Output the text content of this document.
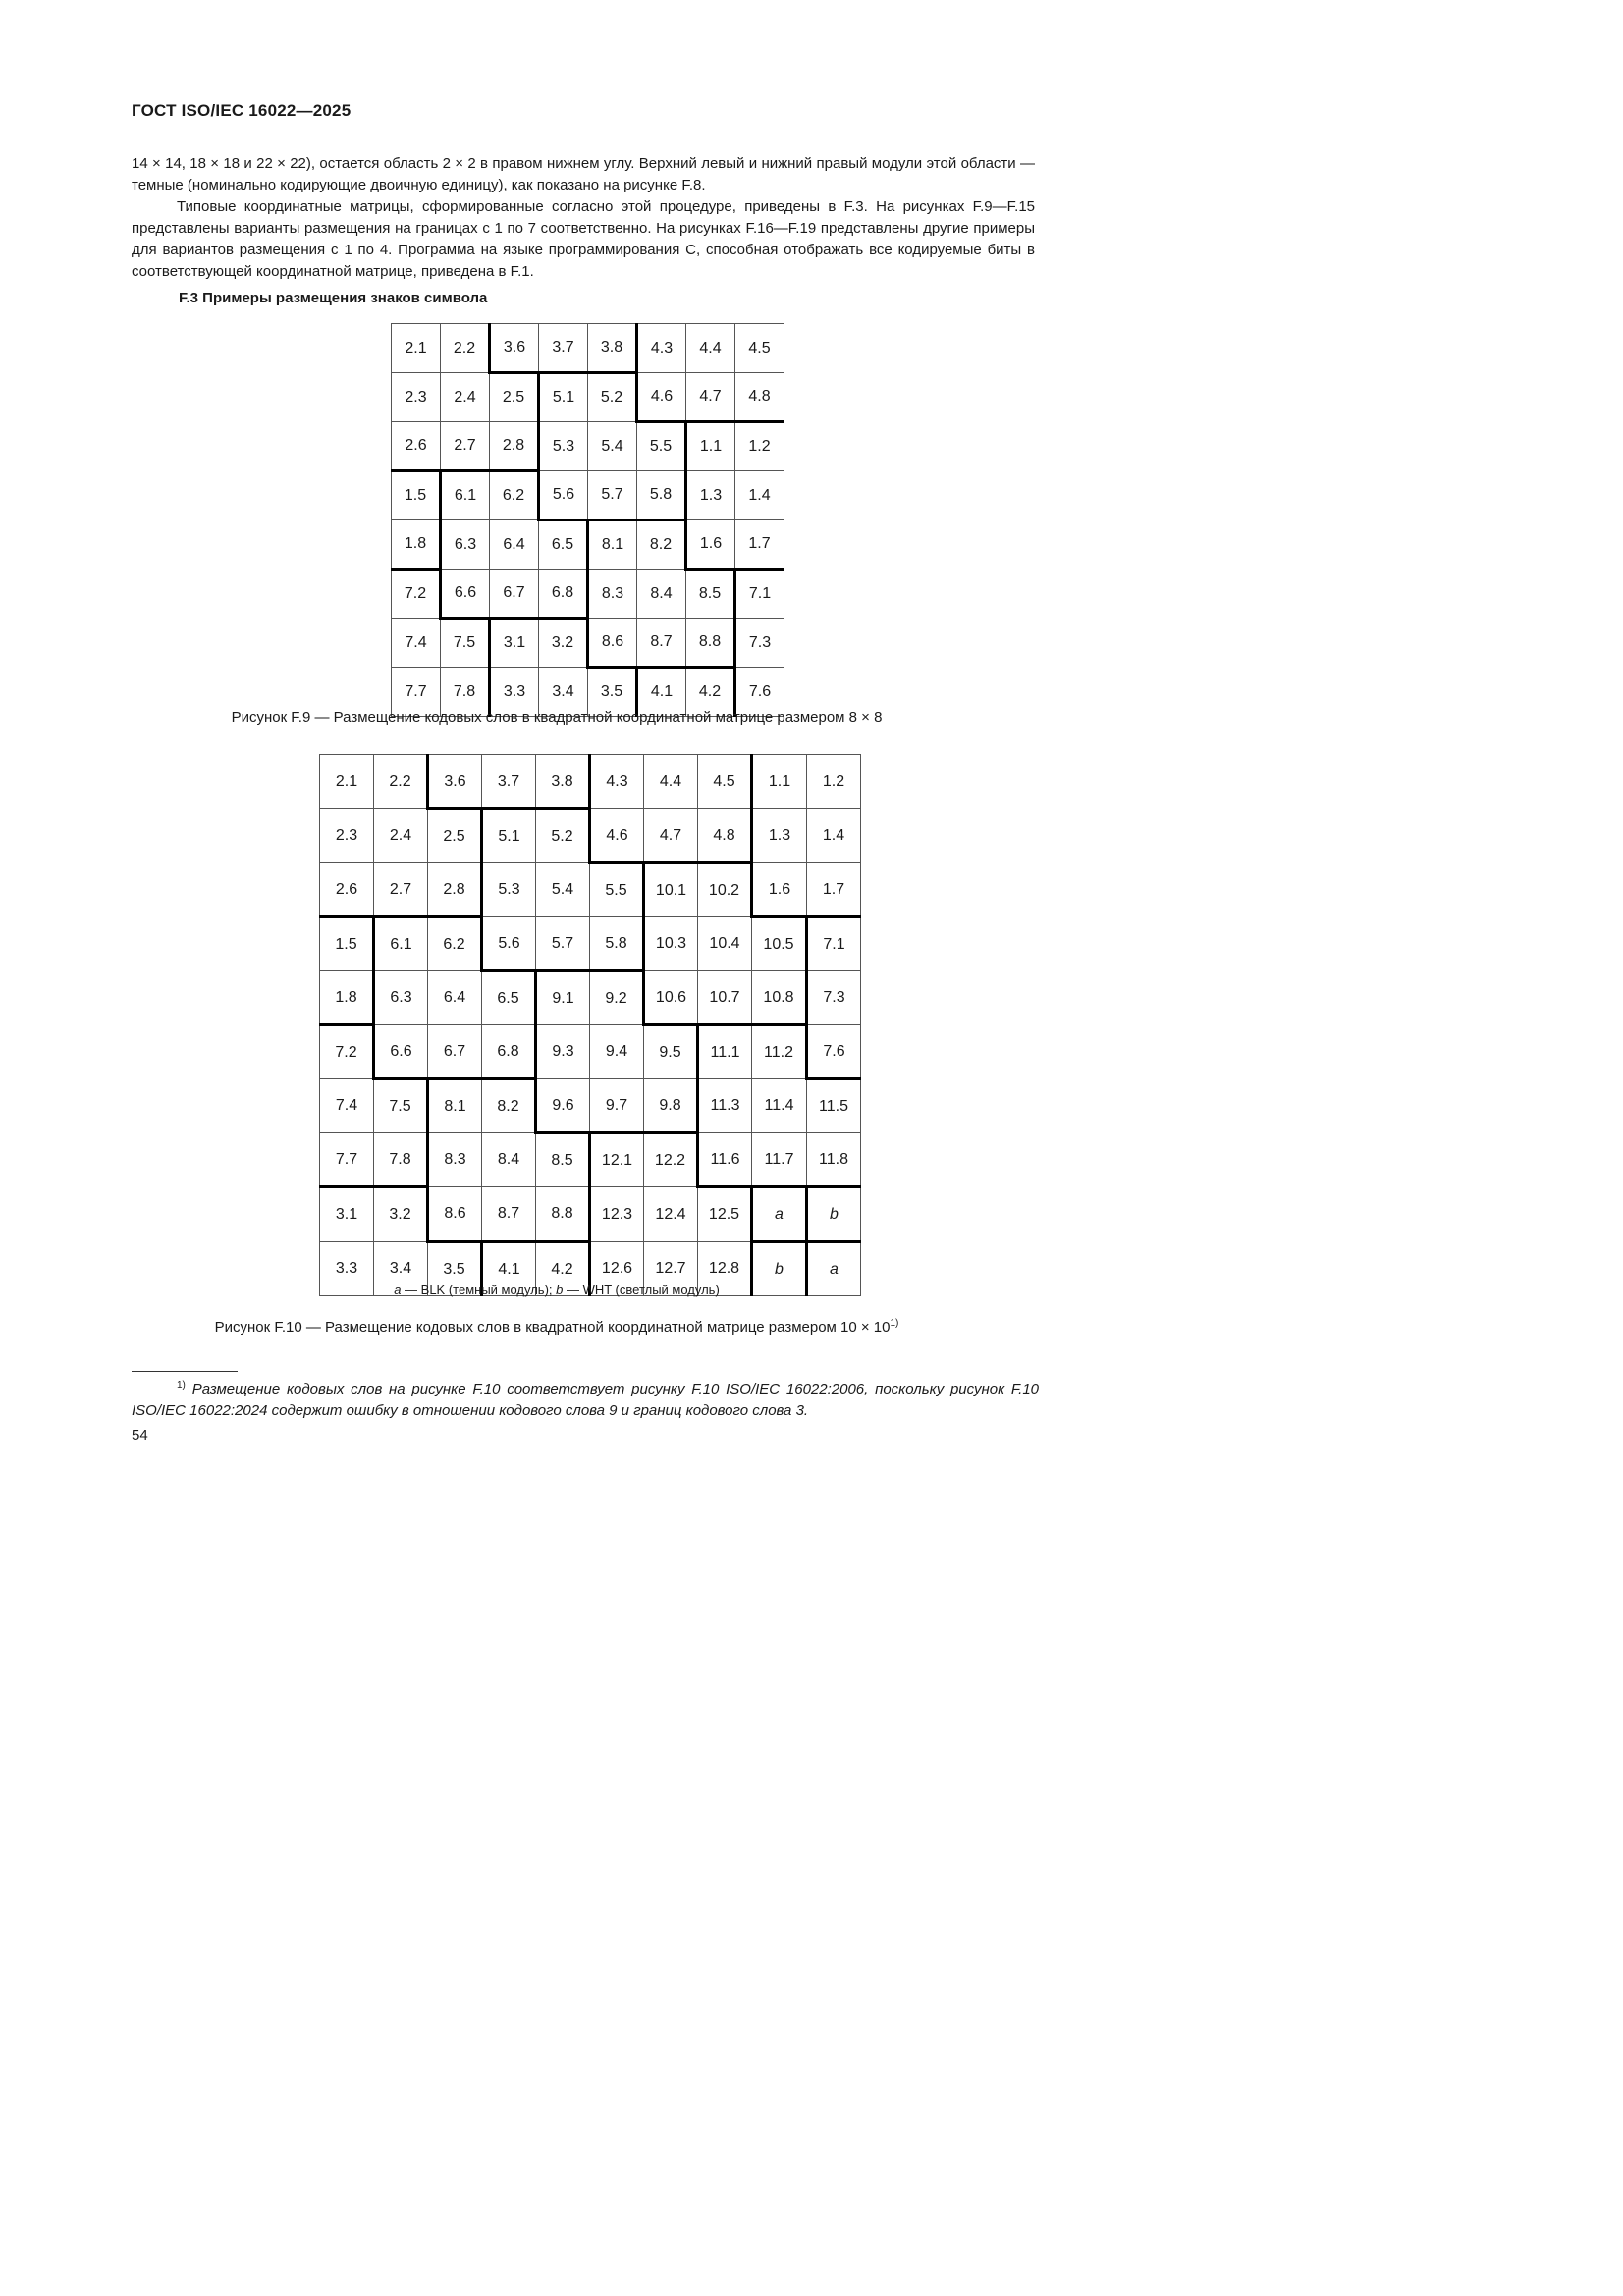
ГОСТ ISO/IEC 16022—2025

14 × 14, 18 × 18 и 22 × 22), остается область 2 × 2 в правом нижнем углу. Верхний левый и нижний правый модули этой области — темные (номинально кодирующие двоичную единицу), как показано на рисунке F.8.

Типовые координатные матрицы, сформированные согласно этой процедуре, приведены в F.3. На рисунках F.9—F.15 представлены варианты размещения на границах с 1 по 7 соответственно. На рисунках F.16—F.19 представлены другие примеры для вариантов размещения с 1 по 4. Программа на языке программирования C, способная отображать все кодируемые биты в соответствующей координатной матрице, приведена в F.1.

F.3 Примеры размещения знаков символа
2.1	2.2	3.6	3.7	3.8	4.3	4.4	4.5
2.3	2.4	2.5	5.1	5.2	4.6	4.7	4.8
2.6	2.7	2.8	5.3	5.4	5.5	1.1	1.2
1.5	6.1	6.2	5.6	5.7	5.8	1.3	1.4
1.8	6.3	6.4	6.5	8.1	8.2	1.6	1.7
7.2	6.6	6.7	6.8	8.3	8.4	8.5	7.1
7.4	7.5	3.1	3.2	8.6	8.7	8.8	7.3
7.7	7.8	3.3	3.4	3.5	4.1	4.2	7.6
Рисунок F.9 — Размещение кодовых слов в квадратной координатной матрице размером 8 × 8
2.1	2.2	3.6	3.7	3.8	4.3	4.4	4.5	1.1	1.2
2.3	2.4	2.5	5.1	5.2	4.6	4.7	4.8	1.3	1.4
2.6	2.7	2.8	5.3	5.4	5.5	10.1	10.2	1.6	1.7
1.5	6.1	6.2	5.6	5.7	5.8	10.3	10.4	10.5	7.1
1.8	6.3	6.4	6.5	9.1	9.2	10.6	10.7	10.8	7.3
7.2	6.6	6.7	6.8	9.3	9.4	9.5	11.1	11.2	7.6
7.4	7.5	8.1	8.2	9.6	9.7	9.8	11.3	11.4	11.5
7.7	7.8	8.3	8.4	8.5	12.1	12.2	11.6	11.7	11.8
3.1	3.2	8.6	8.7	8.8	12.3	12.4	12.5	a	b
3.3	3.4	3.5	4.1	4.2	12.6	12.7	12.8	b	a
a — BLK (темный модуль); b — WHT (светлый модуль)
Рисунок F.10 — Размещение кодовых слов в квадратной координатной матрице размером $10 \times 10^{1)}$
$^{1)}$ Размещение кодовых слов на рисунке F.10 соответствует рисунку F.10 ISO/IEC 16022:2006, поскольку рисунок F.10 ISO/IEC 16022:2024 содержит ошибку в отношении кодового слова 9 и границ кодового слова 3.
54
